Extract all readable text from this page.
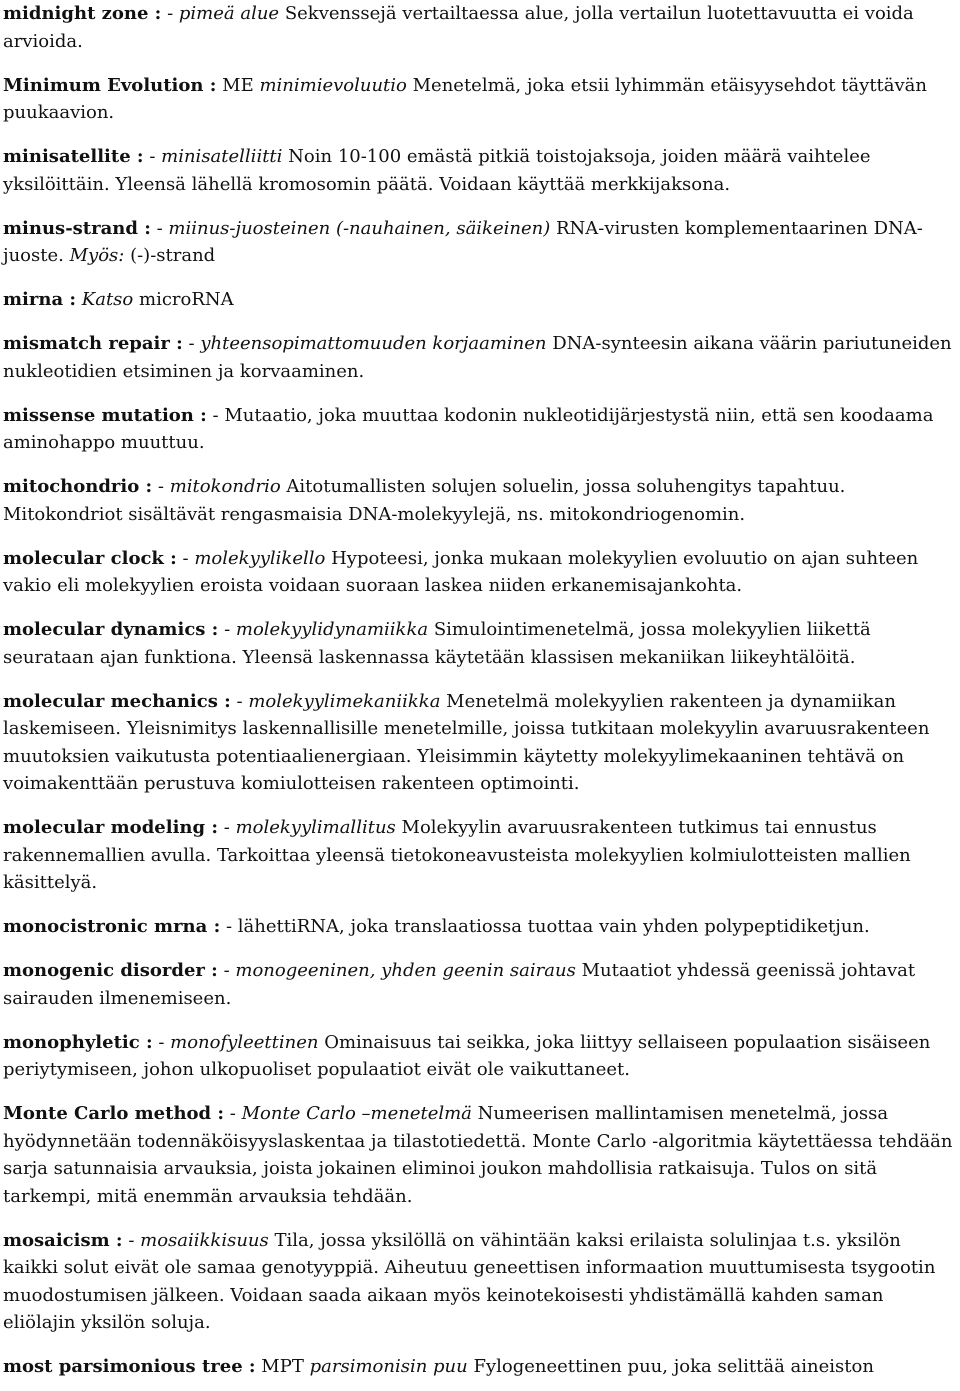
midnight zone : - pimeä alue Sekvenssejä vertailtaessa alue, jolla vertailun luotettavuutta ei voida arvioida.

Minimum Evolution : ME minimievoluutio Menetelmä, joka etsii lyhimmän etäisyysehdot täyttävän puukaavion.

minisatellite : - minisatelliitti Noin 10-100 emästä pitkiä toistojaksoja, joiden määrä vaihtelee yksilöittäin. Yleensä lähellä kromosomin päätä. Voidaan käyttää merkkijaksona.

minus-strand : - miinus-juosteinen (-nauhainen, säikeinen) RNA-virusten komplementaarinen DNA-juoste. Myös: (-)-strand

mirna : Katso microRNA

mismatch repair : - yhteensopimattomuuden korjaaminen DNA-synteesin aikana väärin pariutuneiden nukleotidien etsiminen ja korvaaminen.

missense mutation : - Mutaatio, joka muuttaa kodonin nukleotidijärjestystä niin, että sen koodaama aminohappo muuttuu.

mitochondrio : - mitokondrio Aitotumallisten solujen soluelin, jossa soluhengitys tapahtuu. Mitokondriot sisältävät rengasmaisia DNA-molekyylejä, ns. mitokondriogenomin.

molecular clock : - molekyylikello Hypoteesi, jonka mukaan molekyylien evoluutio on ajan suhteen vakio eli molekyylien eroista voidaan suoraan laskea niiden erkanemisajankohta.

molecular dynamics : - molekyylidynamiikka Simulointimenetelmä, jossa molekyylien liikettä seurataan ajan funktiona. Yleensä laskennassa käytetään klassisen mekaniikan liikeyhtälöitä.

molecular mechanics : - molekyylimekaniikka Menetelmä molekyylien rakenteen ja dynamiikan laskemiseen. Yleisnimitys laskennallisille menetelmille, joissa tutkitaan molekyylin avaruusrakenteen muutoksien vaikutusta potentiaalienergiaan. Yleisimmin käytetty molekyylimekaaninen tehtävä on voimakenttään perustuva komiulotteisen rakenteen optimointi.

molecular modeling : - molekyylimallitus Molekyylin avaruusrakenteen tutkimus tai ennustus rakennemallien avulla. Tarkoittaa yleensä tietokoneavusteista molekyylien kolmiulotteisten mallien käsittelyä.

monocistronic mrna : - lähettiRNA, joka translaatiossa tuottaa vain yhden polypeptidiketjun.

monogenic disorder : - monogeeninen, yhden geenin sairaus Mutaatiot yhdessä geenissä johtavat sairauden ilmenemiseen.

monophyletic : - monofyleettinen Ominaisuus tai seikka, joka liittyy sellaiseen populaation sisäiseen periytymiseen, johon ulkopuoliset populaatiot eivät ole vaikuttaneet.

Monte Carlo method : - Monte Carlo –menetelmä Numeerisen mallintamisen menetelmä, jossa hyödynnetään todennäköisyyslaskentaa ja tilastotiedettä. Monte Carlo -algoritmia käytettäessa tehdään sarja satunnaisia arvauksia, joista jokainen eliminoi joukon mahdollisia ratkaisuja. Tulos on sitä tarkempi, mitä enemmän arvauksia tehdään.

mosaicism : - mosaiikkisuus Tila, jossa yksilöllä on vähintään kaksi erilaista solulinjaa t.s. yksilön kaikki solut eivät ole samaa genotyyppiä. Aiheutuu geneettisen informaation muuttumisesta tsygootin muodostumisen jälkeen. Voidaan saada aikaan myös keinotekoisesti yhdistämällä kahden saman eliölajin yksilön soluja.

most parsimonious tree : MPT parsimonisin puu Fylogeneettinen puu, joka selittää aineiston
